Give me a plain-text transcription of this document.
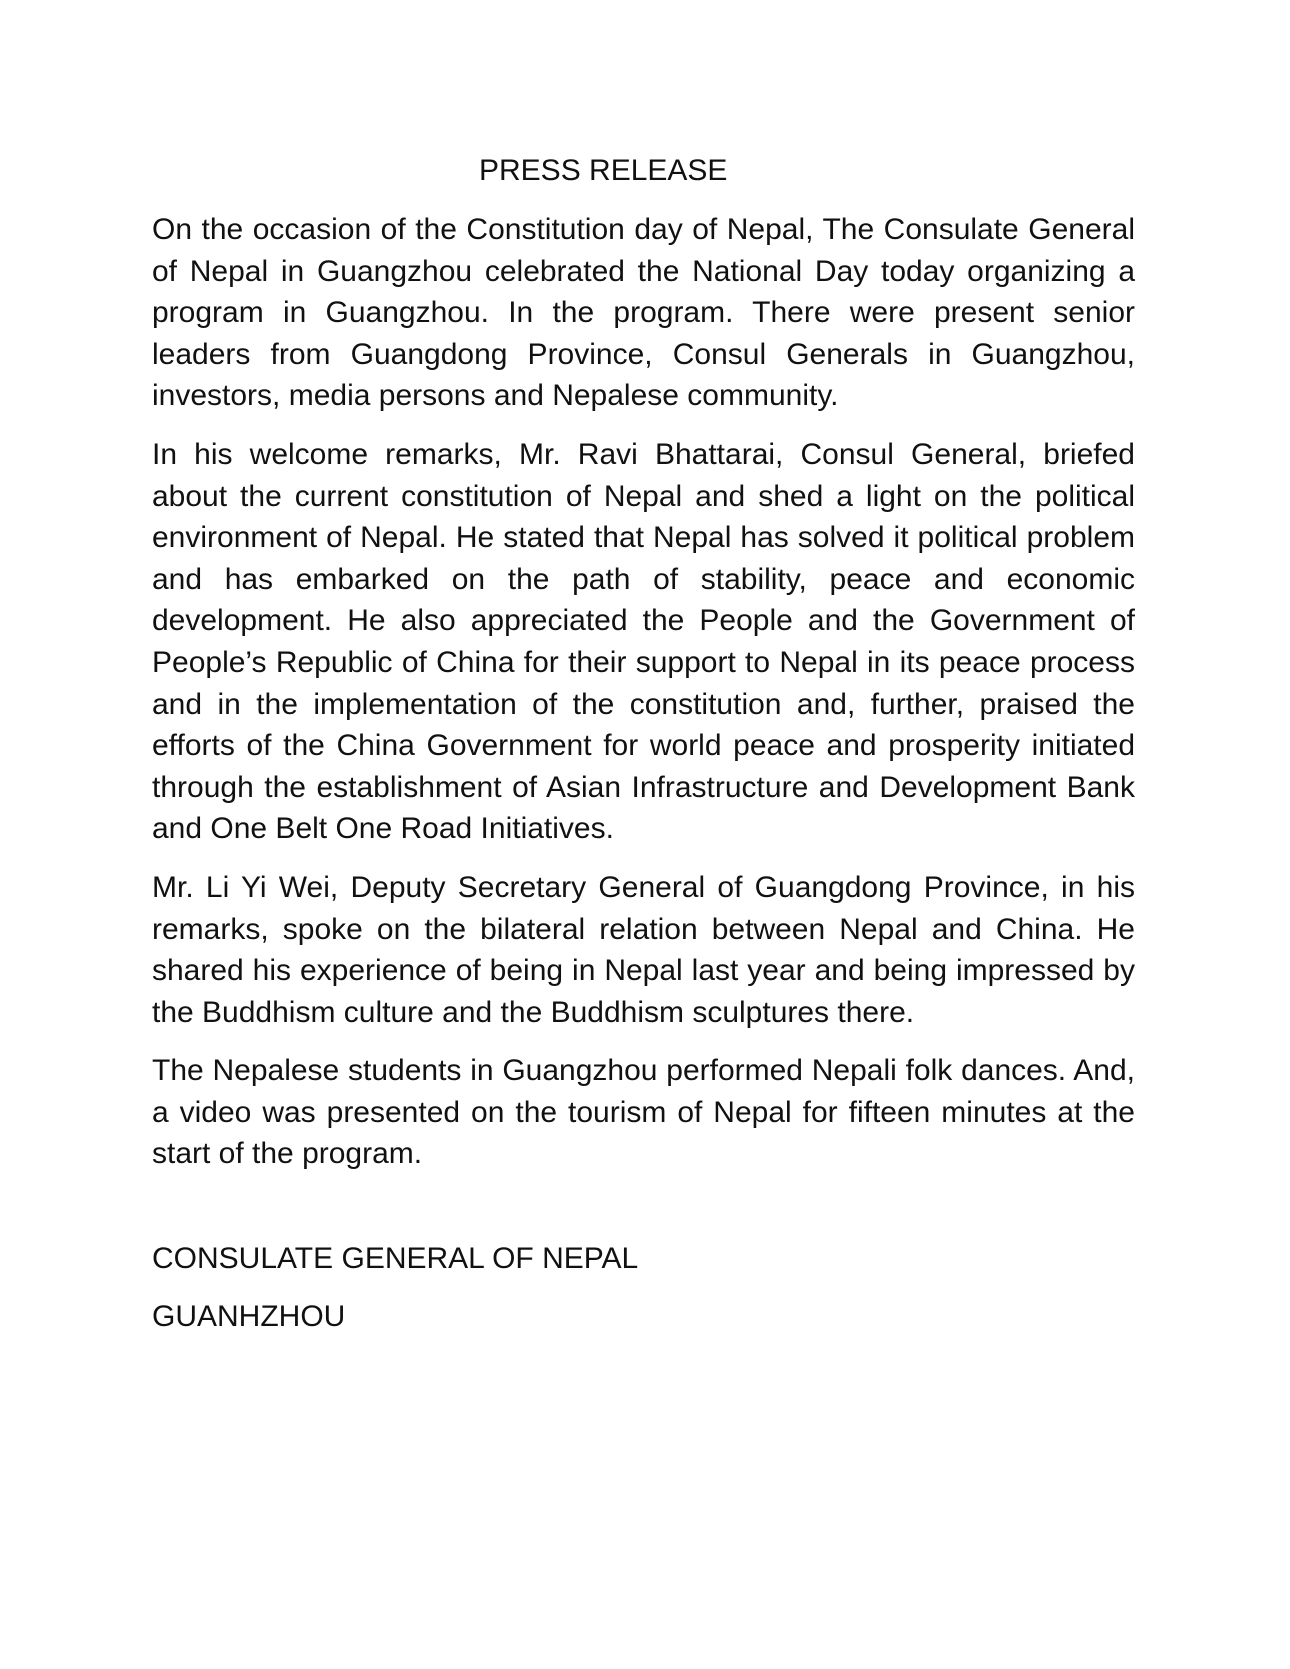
PRESS RELEASE

On the occasion of the Constitution day of Nepal, The Consulate General of Nepal in Guangzhou celebrated the National Day today organizing a program in Guangzhou. In the program. There were present senior leaders from Guangdong Province, Consul Generals in Guangzhou, investors, media persons and Nepalese community.

In his welcome remarks, Mr. Ravi Bhattarai, Consul General, briefed about the current constitution of Nepal and shed a light on the political environment of Nepal. He stated that Nepal has solved it political problem and has embarked on the path of stability, peace and economic development. He also appreciated the People and the Government of People’s Republic of China for their support to Nepal in its peace process and in the implementation of the constitution and, further, praised the efforts of the China Government for world peace and prosperity initiated through the establishment of Asian Infrastructure and Development Bank and One Belt One Road Initiatives.

Mr. Li Yi Wei, Deputy Secretary General of Guangdong Province, in his remarks, spoke on the bilateral relation between Nepal and China. He shared his experience of being in Nepal last year and being impressed by the Buddhism culture and the Buddhism sculptures there.

The Nepalese students in Guangzhou performed Nepali folk dances. And, a video was presented on the tourism of Nepal for fifteen minutes at the start of the program.

CONSULATE GENERAL OF NEPAL
GUANHZHOU
